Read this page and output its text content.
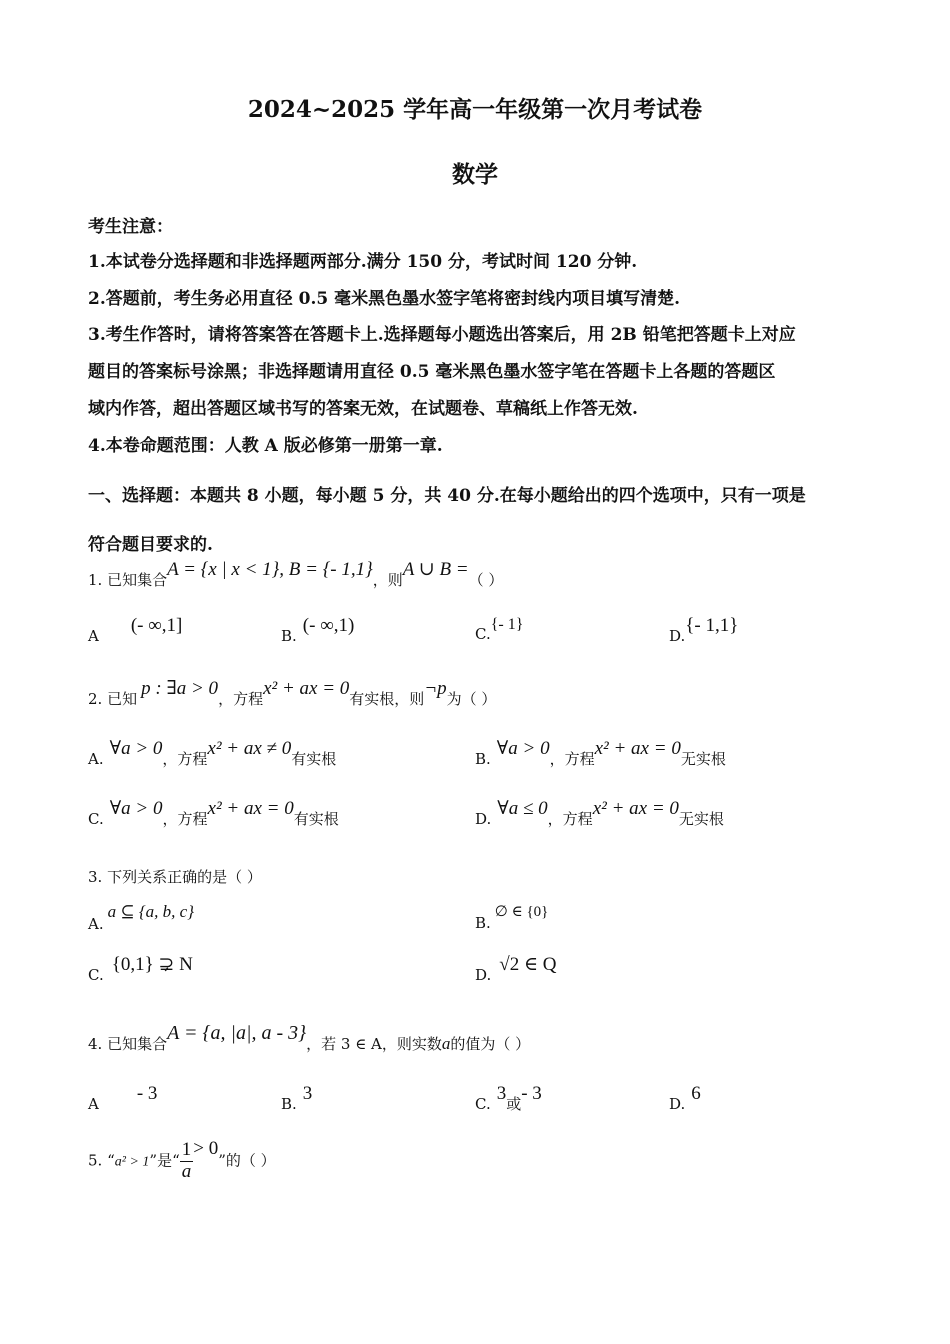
2024~2025 学年高一年级第一次月考试卷
数学
考生注意：
1.本试卷分选择题和非选择题两部分.满分 150 分，考试时间 120 分钟.
2.答题前，考生务必用直径 0.5 毫米黑色墨水签字笔将密封线内项目填写清楚.
3.考生作答时，请将答案答在答题卡上.选择题每小题选出答案后，用 2B 铅笔把答题卡上对应
题目的答案标号涂黑；非选择题请用直径 0.5 毫米黑色墨水签字笔在答题卡上各题的答题区
域内作答，超出答题区域书写的答案无效，在试题卷、草稿纸上作答无效.
4.本卷命题范围：人教 A 版必修第一册第一章.
一、选择题：本题共 8 小题，每小题 5 分，共 40 分.在每小题给出的四个选项中，只有一项是
符合题目要求的.
1. 已知集合A = {x | x < 1}, B = {- 1,1}，则A ∪ B =（ ）
A (- ∞,1]	B. (- ∞,1)	C.{- 1}
D.{- 1,1}
2. 已知 p : ∃a > 0，方程x² + ax = 0有实根，则¬p为（ ）
A. ∀a > 0，方程x² + ax ≠ 0有实根	B. ∀a > 0，方程x² + ax = 0无实根
C. ∀a > 0，方程x² + ax = 0有实根	D. ∀a ≤ 0，方程x² + ax = 0无实根
3. 下列关系正确的是（ ）
A.a ⊆ {a, b, c}
B.∅ ∈ {0}
C. {0,1} ⊋ N	D. √2 ∈ Q
4. 已知集合A = {a, |a|, a - 3}，若 3 ∈ A，则实数a的值为（ ）
A - 3	B. 3	C. 3或- 3	D. 6
5. “a² > 1”是“ $\frac{1}{a} > 0$”的（ ）
